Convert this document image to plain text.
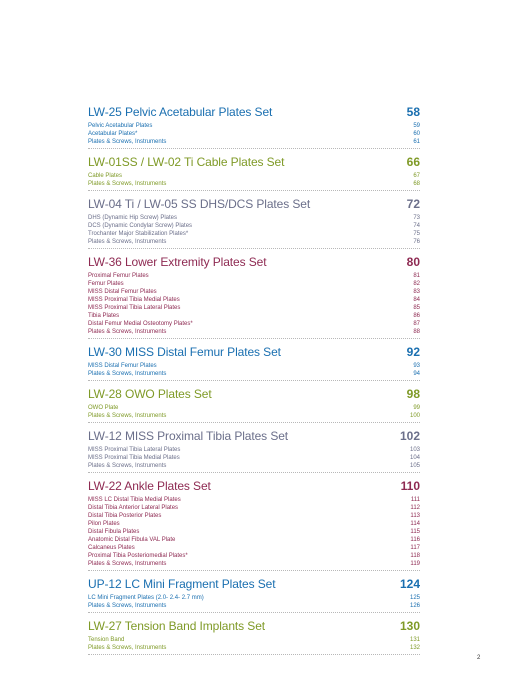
LW-25 Pelvic Acetabular Plates Set	58
Pelvic Acetabular Plates	59
Acetabular Plates*	60
Plates & Screws, Instruments	61
LW-01SS / LW-02 Ti Cable Plates Set	66
Cable Plates	67
Plates & Screws, Instruments	68
LW-04 Ti / LW-05 SS DHS/DCS Plates Set	72
DHS (Dynamic Hip Screw) Plates	73
DCS (Dynamic Condylar Screw) Plates	74
Trochanter Major Stabilization Plates*	75
Plates & Screws, Instruments	76
LW-36 Lower Extremity Plates Set	80
Proximal Femur Plates	81
Femur Plates	82
MISS Distal Femur Plates	83
MISS Proximal Tibia Medial Plates	84
MISS Proximal Tibia Lateral Plates	85
Tibia Plates	86
Distal Femur Medial Osteotomy Plates*	87
Plates & Screws, Instruments	88
LW-30 MISS Distal Femur Plates Set	92
MISS Distal Femur Plates	93
Plates & Screws, Instruments	94
LW-28 OWO Plates Set	98
OWO Plate	99
Plates & Screws, Instruments	100
LW-12 MISS Proximal Tibia Plates Set	102
MISS Proximal Tibia Lateral Plates	103
MISS Proximal Tibia Medial Plates	104
Plates & Screws, Instruments	105
LW-22 Ankle Plates Set	110
MISS LC Distal Tibia Medial Plates	111
Distal Tibia Anterior Lateral Plates	112
Distal Tibia Posterior Plates	113
Pilon Plates	114
Distal Fibula Plates	115
Anatomic Distal Fibula VAL Plate	116
Calcaneus Plates	117
Proximal Tibia Posteriomedial Plates*	118
Plates & Screws, Instruments	119
UP-12 LC Mini Fragment Plates Set	124
LC Mini Fragment Plates (2.0- 2.4- 2.7 mm)	125
Plates & Screws, Instruments	126
LW-27 Tension Band Implants Set	130
Tension Band	131
Plates & Screws, Instruments	132
2
